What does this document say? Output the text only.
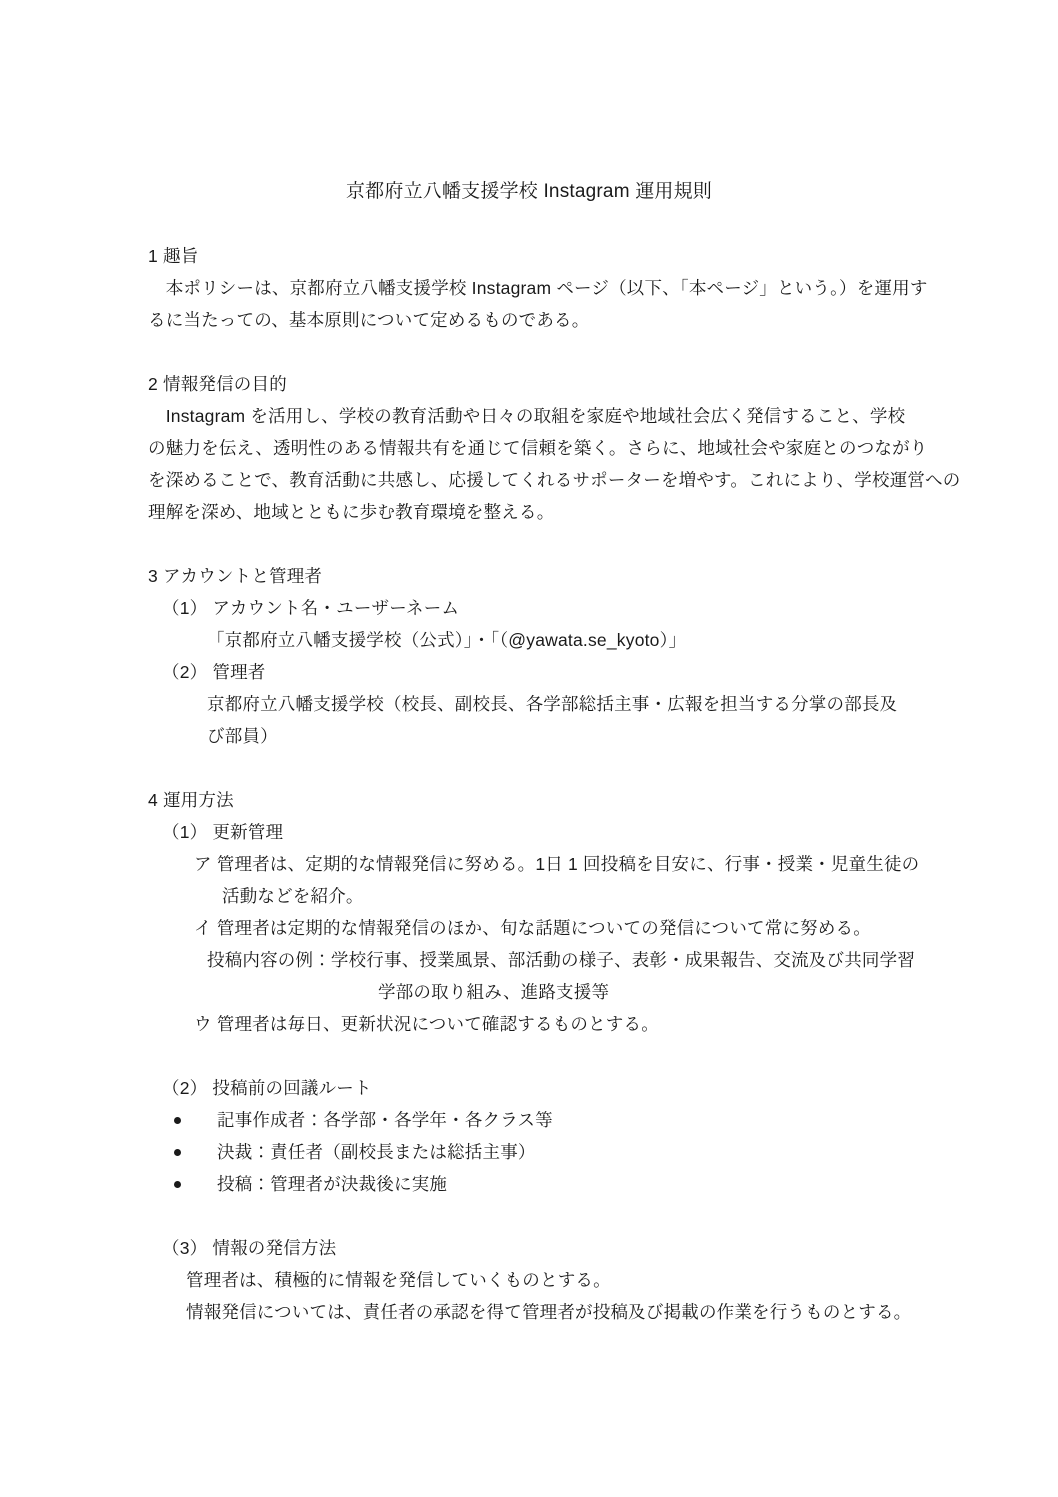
京都府立八幡支援学校 Instagram 運用規則
1 趣旨
　本ポリシーは、京都府立八幡支援学校 Instagram ページ（以下、「本ページ」という。）を運用す
るに当たっての、基本原則について定めるものである。
2 情報発信の目的
　Instagram を活用し、学校の教育活動や日々の取組を家庭や地域社会広く発信すること、学校
の魅力を伝え、透明性のある情報共有を通じて信頼を築く。さらに、地域社会や家庭とのつながり
を深めることで、教育活動に共感し、応援してくれるサポーターを増やす。これにより、学校運営への
理解を深め、地域とともに歩む教育環境を整える。
3 アカウントと管理者
（1） アカウント名・ユーザーネーム
「京都府立八幡支援学校（公式）」・「（@yawata.se_kyoto）」
（2） 管理者
京都府立八幡支援学校（校長、副校長、各学部総括主事・広報を担当する分掌の部長及
び部員）
4 運用方法
（1） 更新管理
ア 管理者は、定期的な情報発信に努める。1日 1 回投稿を目安に、行事・授業・児童生徒の
活動などを紹介。
イ 管理者は定期的な情報発信のほか、旬な話題についての発信について常に努める。
投稿内容の例：学校行事、授業風景、部活動の様子、表彰・成果報告、交流及び共同学習
学部の取り組み、進路支援等
ウ 管理者は毎日、更新状況について確認するものとする。
（2） 投稿前の回議ルート
記事作成者：各学部・各学年・各クラス等
決裁：責任者（副校長または総括主事）
投稿：管理者が決裁後に実施
（3） 情報の発信方法
管理者は、積極的に情報を発信していくものとする。
情報発信については、責任者の承認を得て管理者が投稿及び掲載の作業を行うものとする。
